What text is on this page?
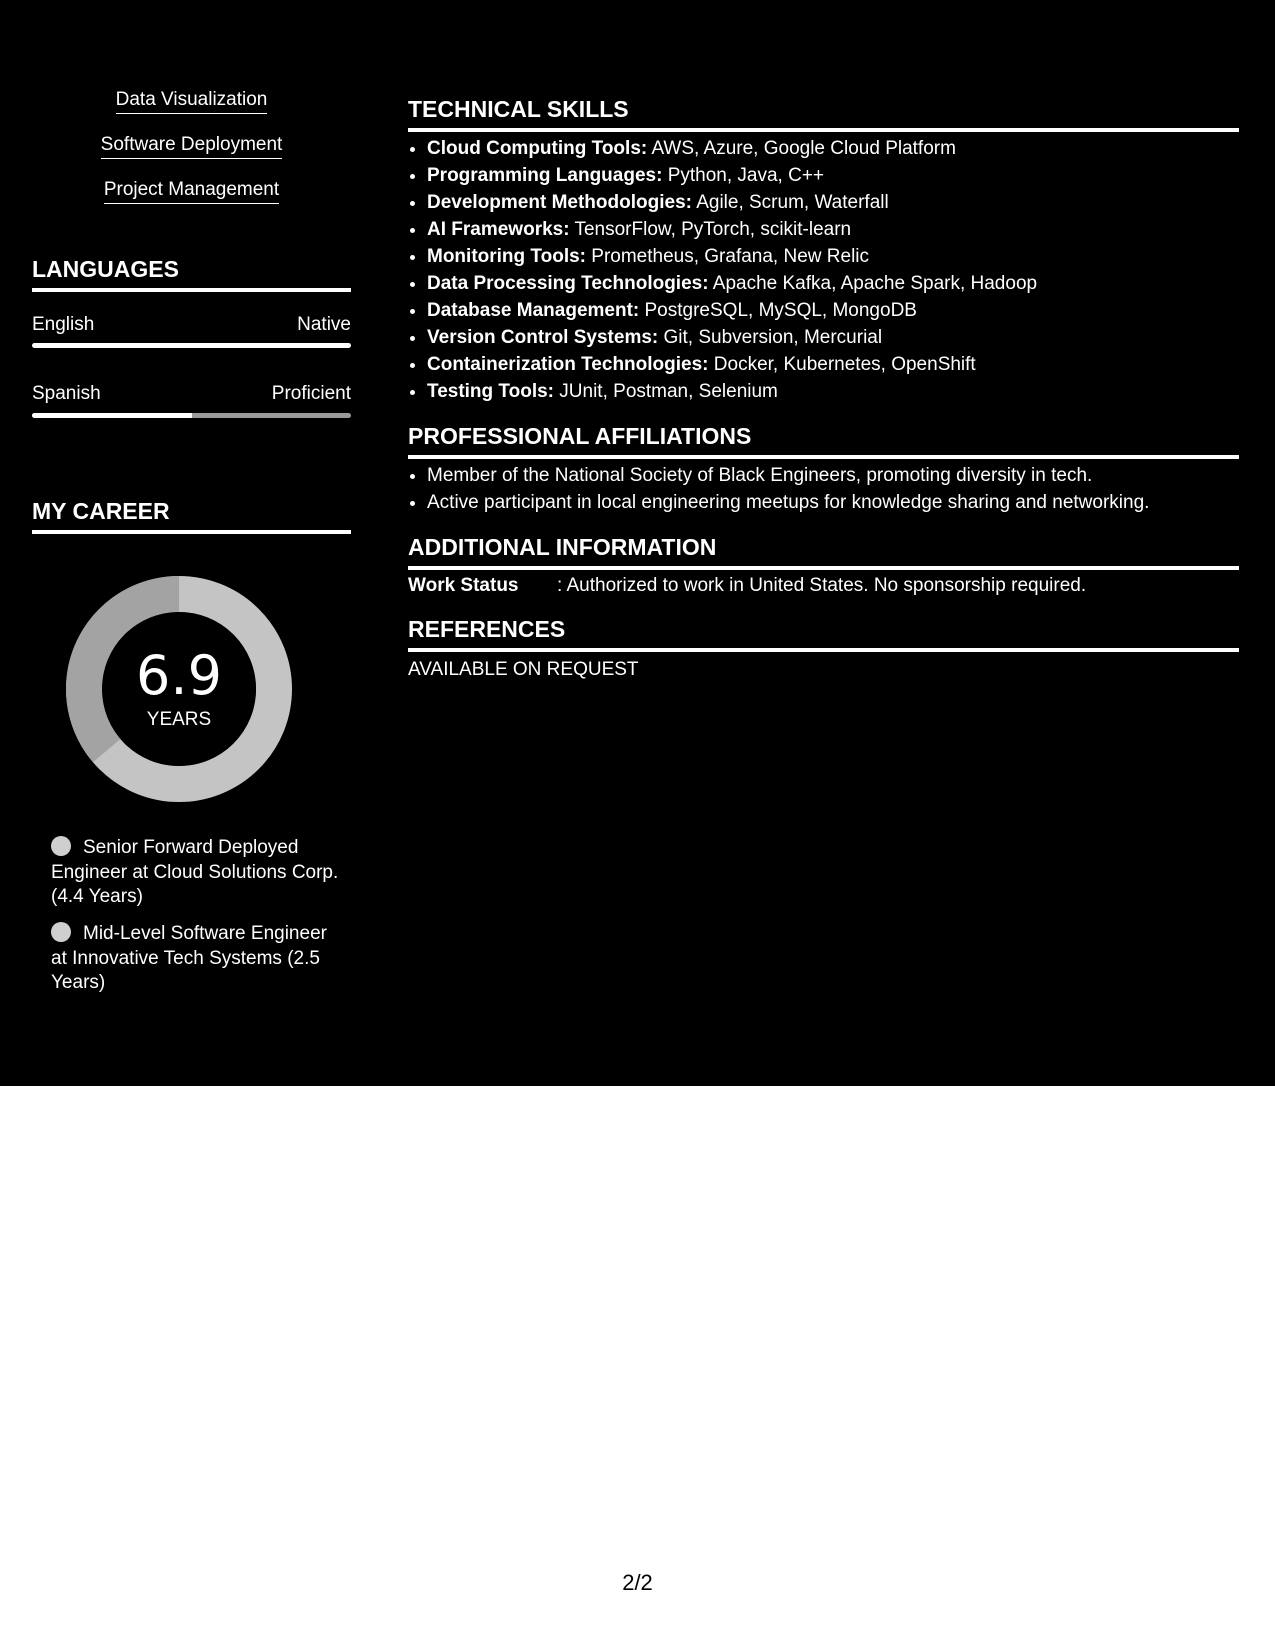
Data Visualization
Software Deployment
Project Management
LANGUAGES
English	Native
Spanish	Proficient
MY CAREER
6.9
YEARS
Senior Forward Deployed Engineer at Cloud Solutions Corp. (4.4 Years)
Mid-Level Software Engineer at Innovative Tech Systems (2.5 Years)
TECHNICAL SKILLS
• Cloud Computing Tools: AWS, Azure, Google Cloud Platform
• Programming Languages: Python, Java, C++
• Development Methodologies: Agile, Scrum, Waterfall
• AI Frameworks: TensorFlow, PyTorch, scikit-learn
• Monitoring Tools: Prometheus, Grafana, New Relic
• Data Processing Technologies: Apache Kafka, Apache Spark, Hadoop
• Database Management: PostgreSQL, MySQL, MongoDB
• Version Control Systems: Git, Subversion, Mercurial
• Containerization Technologies: Docker, Kubernetes, OpenShift
• Testing Tools: JUnit, Postman, Selenium
PROFESSIONAL AFFILIATIONS
• Member of the National Society of Black Engineers, promoting diversity in tech.
• Active participant in local engineering meetups for knowledge sharing and networking.
ADDITIONAL INFORMATION
Work Status : Authorized to work in United States. No sponsorship required.
REFERENCES
AVAILABLE ON REQUEST
2/2
